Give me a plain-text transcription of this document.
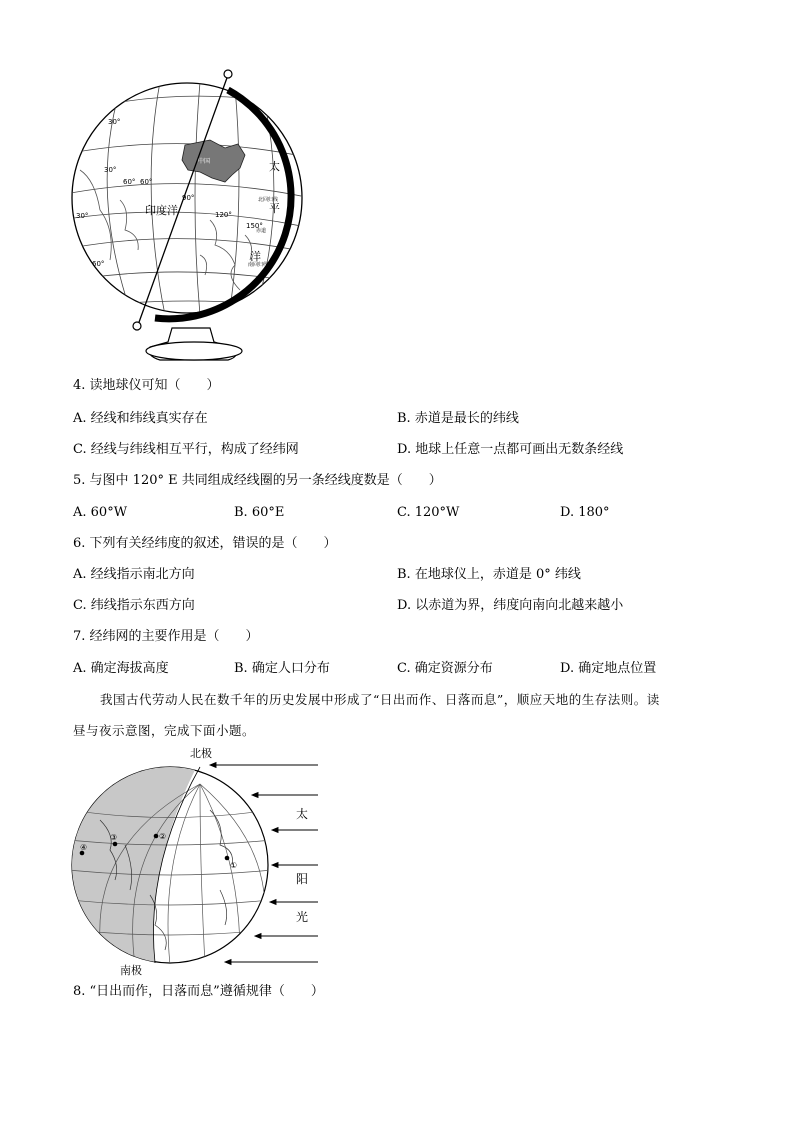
中国
印度洋
太
平
洋
北回归线
赤道
南回归线
30°
30°
60°
30°
60°
60°
90°
120°
150°
4. 读地球仪可知（　　）
A. 经线和纬线真实存在	B. 赤道是最长的纬线
C. 经线与纬线相互平行，构成了经纬网	D. 地球上任意一点都可画出无数条经线
5. 与图中 120° E 共同组成经线圈的另一条经线度数是（　　）
A. 60°W	B. 60°E	C. 120°W	D. 180°
6. 下列有关经纬度的叙述，错误的是（　　）
A. 经线指示南北方向	B. 在地球仪上，赤道是 0° 纬线
C. 纬线指示东西方向	D. 以赤道为界，纬度向南向北越来越小
7. 经纬网的主要作用是（　　）
A. 确定海拔高度	B. 确定人口分布	C. 确定资源分布	D. 确定地点位置
我国古代劳动人民在数千年的历史发展中形成了“日出而作、日落而息”，顺应天地的生存法则。读
昼与夜示意图，完成下面小题。
①
②
③
④
北极
南极
太
阳
光
8. “日出而作，日落而息”遵循规律（　　）
